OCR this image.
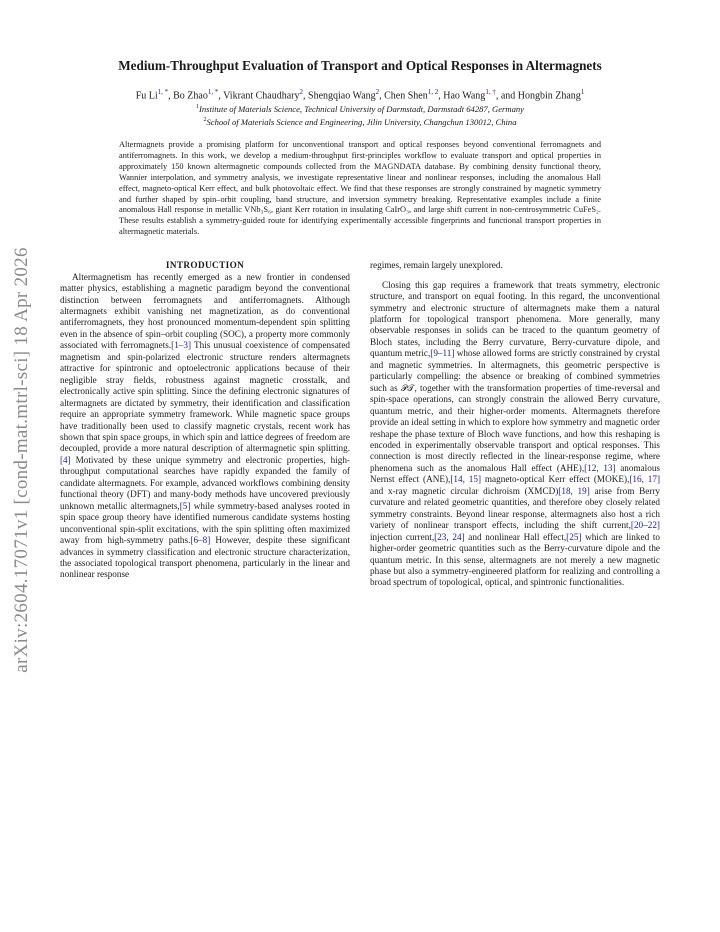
arXiv:2604.17071v1 [cond-mat.mtrl-sci] 18 Apr 2026
Medium-Throughput Evaluation of Transport and Optical Responses in Altermagnets

Fu Li$^{1, *}$, Bo Zhao$^{1, *}$, Vikrant Chaudhary$^2$, Shengqiao Wang$^2$, Chen Shen$^{1, 2}$, Hao Wang$^{1, \dagger}$, and Hongbin Zhang$^1$

$^1$Institute of Materials Science, Technical University of Darmstadt, Darmstadt 64287, Germany
$^2$School of Materials Science and Engineering, Jilin University, Changchun 130012, China
Altermagnets provide a promising platform for unconventional transport and optical responses beyond conventional ferromagnets and antiferromagnets. In this work, we develop a medium-throughput first-principles workflow to evaluate transport and optical properties in approximately 150 known altermagnetic compounds collected from the MAGNDATA database. By combining density functional theory, Wannier interpolation, and symmetry analysis, we investigate representative linear and nonlinear responses, including the anomalous Hall effect, magneto-optical Kerr effect, and bulk photovoltaic effect. We find that these responses are strongly constrained by magnetic symmetry and further shaped by spin–orbit coupling, band structure, and inversion symmetry breaking. Representative examples include a finite anomalous Hall response in metallic VNb₃S₆, giant Kerr rotation in insulating CaIrO₃, and large shift current in non-centrosymmetric CuFeS₂. These results establish a symmetry-guided route for identifying experimentally accessible fingerprints and functional transport properties in altermagnetic materials.

INTRODUCTION

Altermagnetism has recently emerged as a new frontier in condensed matter physics, establishing a magnetic paradigm beyond the conventional distinction between ferromagnets and antiferromagnets. Although altermagnets exhibit vanishing net magnetization, as do conventional antiferromagnets, they host pronounced momentum-dependent spin splitting even in the absence of spin–orbit coupling (SOC), a property more commonly associated with ferromagnets.[1–3] This unusual coexistence of compensated magnetism and spin-polarized electronic structure renders altermagnets attractive for spintronic and optoelectronic applications because of their negligible stray fields, robustness against magnetic crosstalk, and electronically active spin splitting. Since the defining electronic signatures of altermagnets are dictated by symmetry, their identification and classification require an appropriate symmetry framework. While magnetic space groups have traditionally been used to classify magnetic crystals, recent work has shown that spin space groups, in which spin and lattice degrees of freedom are decoupled, provide a more natural description of altermagnetic spin splitting.[4] Motivated by these unique symmetry and electronic properties, high-throughput computational searches have rapidly expanded the family of candidate altermagnets. For example, advanced workflows combining density functional theory (DFT) and many-body methods have uncovered previously unknown metallic altermagnets,[5] while symmetry-based analyses rooted in spin space group theory have identified numerous candidate systems hosting unconventional spin-split excitations, with the spin splitting often maximized away from high-symmetry paths.[6–8] However, despite these significant advances in symmetry classification and electronic structure characterization, the associated topological transport phenomena, particularly in the linear and nonlinear response

regimes, remain largely unexplored.

Closing this gap requires a framework that treats symmetry, electronic structure, and transport on equal footing. In this regard, the unconventional symmetry and electronic structure of altermagnets make them a natural platform for topological transport phenomena. More generally, many observable responses in solids can be traced to the quantum geometry of Bloch states, including the Berry curvature, Berry-curvature dipole, and quantum metric,[9–11] whose allowed forms are strictly constrained by crystal and magnetic symmetries. In altermagnets, this geometric perspective is particularly compelling: the absence or breaking of combined symmetries such as 𝒫𝒯, together with the transformation properties of time-reversal and spin-space operations, can strongly constrain the allowed Berry curvature, quantum metric, and their higher-order moments. Altermagnets therefore provide an ideal setting in which to explore how symmetry and magnetic order reshape the phase texture of Bloch wave functions, and how this reshaping is encoded in experimentally observable transport and optical responses. This connection is most directly reflected in the linear-response regime, where phenomena such as the anomalous Hall effect (AHE),[12, 13] anomalous Nernst effect (ANE),[14, 15] magneto-optical Kerr effect (MOKE),[16, 17] and x-ray magnetic circular dichroism (XMCD)[18, 19] arise from Berry curvature and related geometric quantities, and therefore obey closely related symmetry constraints. Beyond linear response, altermagnets also host a rich variety of nonlinear transport effects, including the shift current,[20–22] injection current,[23, 24] and nonlinear Hall effect,[25] which are linked to higher-order geometric quantities such as the Berry-curvature dipole and the quantum metric. In this sense, altermagnets are not merely a new magnetic phase but also a symmetry-engineered platform for realizing and controlling a broad spectrum of topological, optical, and spintronic functionalities.
